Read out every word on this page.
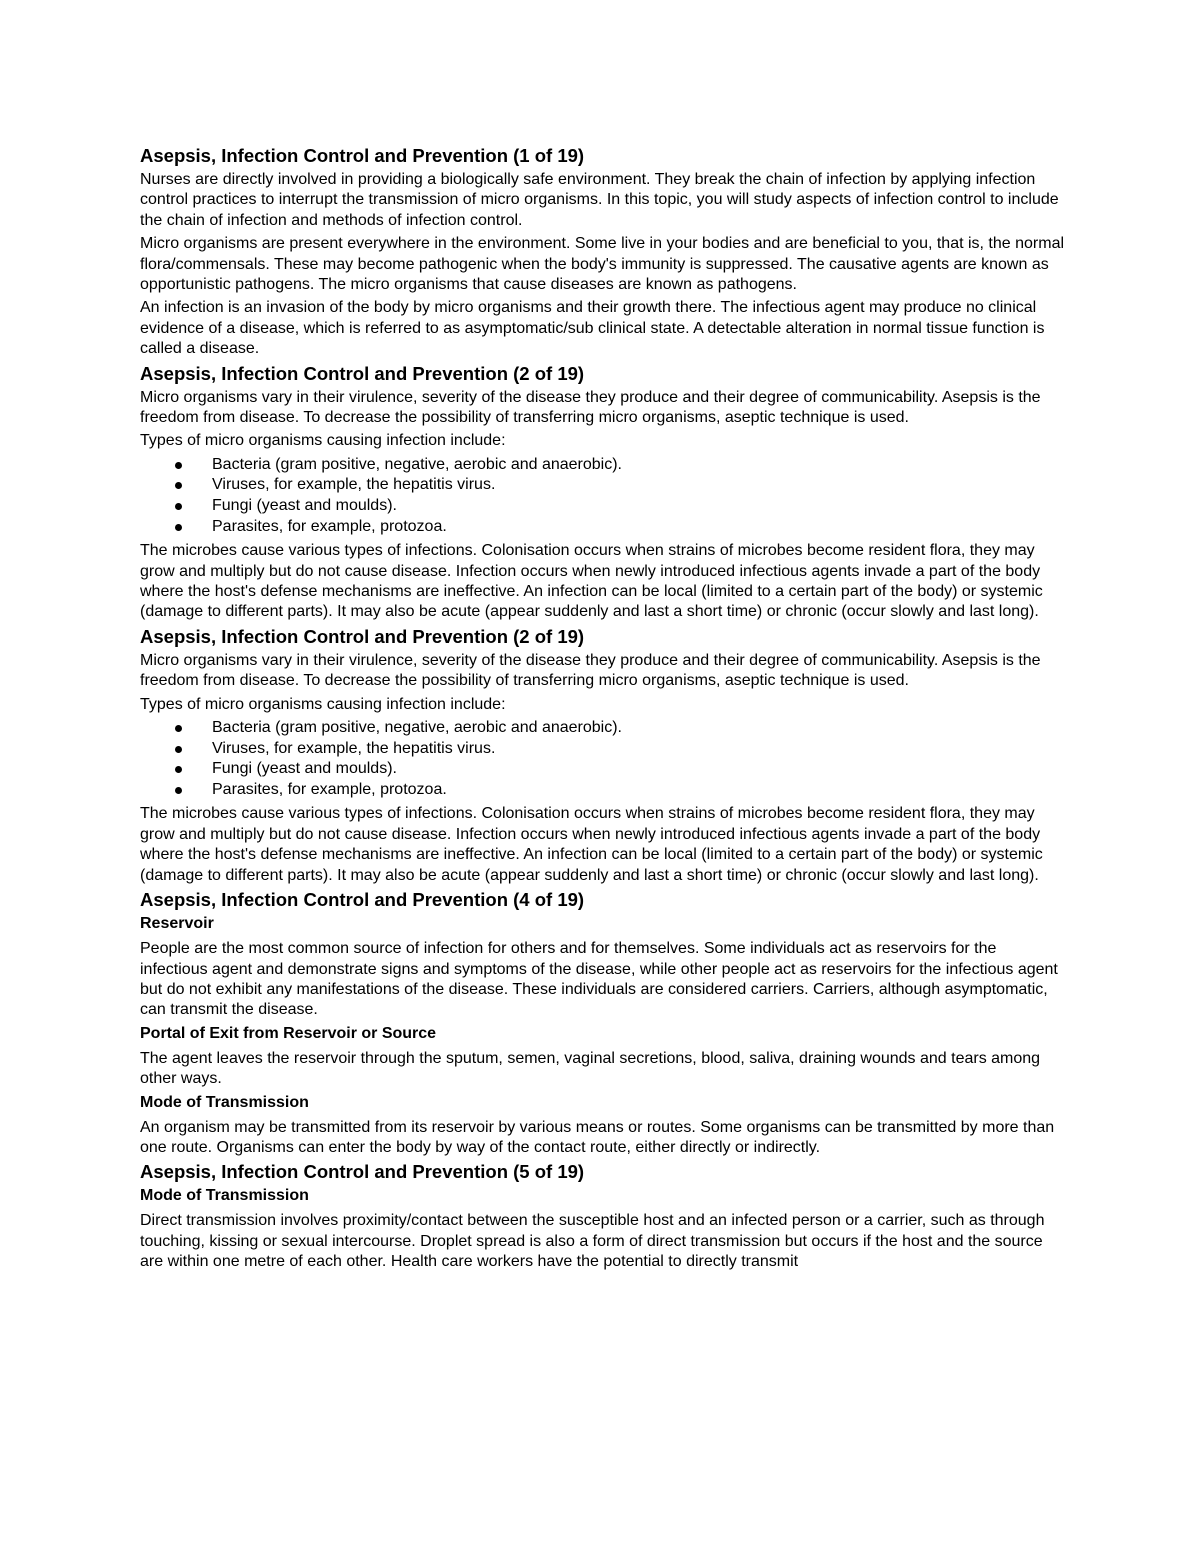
Asepsis, Infection Control and Prevention (1 of 19)

Nurses are directly involved in providing a biologically safe environment. They break the chain of infection by applying infection control practices to interrupt the transmission of micro organisms. In this topic, you will study aspects of infection control to include the chain of infection and methods of infection control.

Micro organisms are present everywhere in the environment. Some live in your bodies and are beneficial to you, that is, the normal flora/commensals. These may become pathogenic when the body's immunity is suppressed. The causative agents are known as opportunistic pathogens. The micro organisms that cause diseases are known as pathogens.

An infection is an invasion of the body by micro organisms and their growth there. The infectious agent may produce no clinical evidence of a disease, which is referred to as asymptomatic/sub clinical state. A detectable alteration in normal tissue function is called a disease.

Asepsis, Infection Control and Prevention (2 of 19)

Micro organisms vary in their virulence, severity of the disease they produce and their degree of communicability. Asepsis is the freedom from disease. To decrease the possibility of transferring micro organisms, aseptic technique is used.

Types of micro organisms causing infection include:

Bacteria (gram positive, negative, aerobic and anaerobic).
Viruses, for example, the hepatitis virus.
Fungi (yeast and moulds).
Parasites, for example, protozoa.

The microbes cause various types of infections. Colonisation occurs when strains of microbes become resident flora, they may grow and multiply but do not cause disease. Infection occurs when newly introduced infectious agents invade a part of the body where the host's defense mechanisms are ineffective. An infection can be local (limited to a certain part of the body) or systemic (damage to different parts). It may also be acute (appear suddenly and last a short time) or chronic (occur slowly and last long).

Asepsis, Infection Control and Prevention (2 of 19)

Micro organisms vary in their virulence, severity of the disease they produce and their degree of communicability. Asepsis is the freedom from disease. To decrease the possibility of transferring micro organisms, aseptic technique is used.

Types of micro organisms causing infection include:

Bacteria (gram positive, negative, aerobic and anaerobic).
Viruses, for example, the hepatitis virus.
Fungi (yeast and moulds).
Parasites, for example, protozoa.

The microbes cause various types of infections. Colonisation occurs when strains of microbes become resident flora, they may grow and multiply but do not cause disease. Infection occurs when newly introduced infectious agents invade a part of the body where the host's defense mechanisms are ineffective. An infection can be local (limited to a certain part of the body) or systemic (damage to different parts). It may also be acute (appear suddenly and last a short time) or chronic (occur slowly and last long).

Asepsis, Infection Control and Prevention (4 of 19)
Reservoir

People are the most common source of infection for others and for themselves. Some individuals act as reservoirs for the infectious agent and demonstrate signs and symptoms of the disease, while other people act as reservoirs for the infectious agent but do not exhibit any manifestations of the disease. These individuals are considered carriers. Carriers, although asymptomatic, can transmit the disease.

Portal of Exit from Reservoir or Source

The agent leaves the reservoir through the sputum, semen, vaginal secretions, blood, saliva, draining wounds and tears among other ways.

Mode of Transmission

An organism may be transmitted from its reservoir by various means or routes. Some organisms can be transmitted by more than one route. Organisms can enter the body by way of the contact route, either directly or indirectly.

Asepsis, Infection Control and Prevention (5 of 19)
Mode of Transmission

Direct transmission involves proximity/contact between the susceptible host and an infected person or a carrier, such as through touching, kissing or sexual intercourse. Droplet spread is also a form of direct transmission but occurs if the host and the source are within one metre of each other. Health care workers have the potential to directly transmit
